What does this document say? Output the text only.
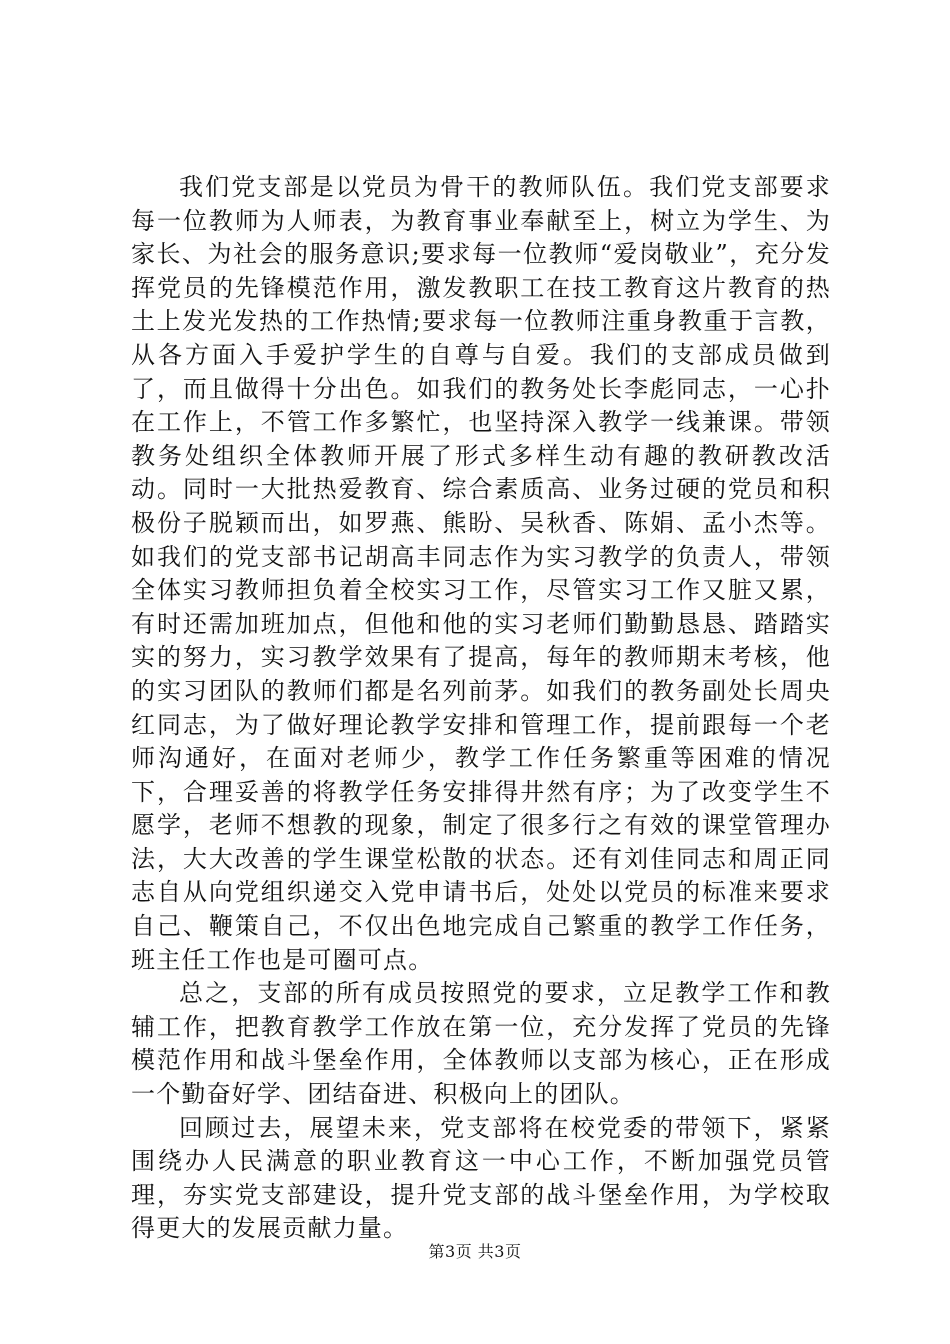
我们党支部是以党员为骨干的教师队伍。我们党支部要求每一位教师为人师表，为教育事业奉献至上，树立为学生、为家长、为社会的服务意识;要求每一位教师“爱岗敬业”，充分发挥党员的先锋模范作用，激发教职工在技工教育这片教育的热土上发光发热的工作热情;要求每一位教师注重身教重于言教，从各方面入手爱护学生的自尊与自爱。我们的支部成员做到了，而且做得十分出色。如我们的教务处长李彪同志，一心扑在工作上，不管工作多繁忙，也坚持深入教学一线兼课。带领教务处组织全体教师开展了形式多样生动有趣的教研教改活动。同时一大批热爱教育、综合素质高、业务过硬的党员和积极份子脱颖而出，如罗燕、熊盼、吴秋香、陈娟、孟小杰等。如我们的党支部书记胡高丰同志作为实习教学的负责人，带领全体实习教师担负着全校实习工作，尽管实习工作又脏又累，有时还需加班加点，但他和他的实习老师们勤勤恳恳、踏踏实实的努力，实习教学效果有了提高，每年的教师期末考核，他的实习团队的教师们都是名列前茅。如我们的教务副处长周央红同志，为了做好理论教学安排和管理工作，提前跟每一个老师沟通好，在面对老师少，教学工作任务繁重等困难的情况下，合理妥善的将教学任务安排得井然有序；为了改变学生不愿学，老师不想教的现象，制定了很多行之有效的课堂管理办法，大大改善的学生课堂松散的状态。还有刘佳同志和周正同志自从向党组织递交入党申请书后，处处以党员的标准来要求自己、鞭策自己，不仅出色地完成自己繁重的教学工作任务，班主任工作也是可圈可点。

总之，支部的所有成员按照党的要求，立足教学工作和教辅工作，把教育教学工作放在第一位，充分发挥了党员的先锋模范作用和战斗堡垒作用，全体教师以支部为核心，正在形成一个勤奋好学、团结奋进、积极向上的团队。

回顾过去，展望未来，党支部将在校党委的带领下，紧紧围绕办人民满意的职业教育这一中心工作，不断加强党员管理，夯实党支部建设，提升党支部的战斗堡垒作用，为学校取得更大的发展贡献力量。

第3页 共3页
